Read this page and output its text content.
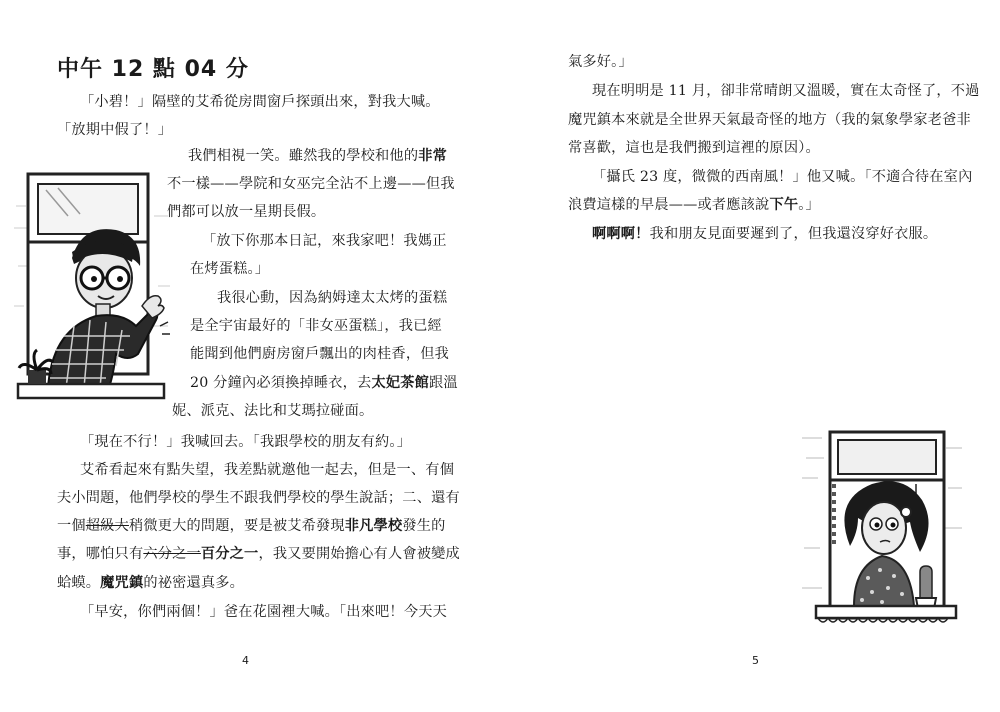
中午 12 點 04 分
「小碧！」隔壁的艾希從房間窗戶探頭出來，對我大喊。
「放期中假了！」
我們相視一笑。雖然我的學校和他的非常
不一樣——學院和女巫完全沾不上邊——但我
們都可以放一星期長假。
「放下你那本日記，來我家吧！我媽正
在烤蛋糕。」
我很心動，因為納姆達太太烤的蛋糕
是全宇宙最好的「非女巫蛋糕」，我已經
能聞到他們廚房窗戶飄出的肉桂香，但我
20 分鐘內必須換掉睡衣，去太妃茶館跟溫
妮、派克、法比和艾瑪拉碰面。
「現在不行！」我喊回去。「我跟學校的朋友有約。」
艾希看起來有點失望，我差點就邀他一起去，但是一、有個
夫小問題，他們學校的學生不跟我們學校的學生說話；二、還有
一個超級大稍微更大的問題，要是被艾希發現非凡學校發生的
事，哪怕只有六分之一百分之一，我又要開始擔心有人會被變成
蛤蟆。魔咒鎮的祕密還真多。
「早安，你們兩個！」爸在花園裡大喊。「出來吧！今天天
4
氣多好。」
現在明明是 11 月，卻非常晴朗又溫暖，實在太奇怪了，不過
魔咒鎮本來就是全世界天氣最奇怪的地方（我的氣象學家老爸非
常喜歡，這也是我們搬到這裡的原因）。
「攝氏 23 度，微微的西南風！」他又喊。「不適合待在室內
浪費這樣的早晨——或者應該說下午。」
啊啊啊！我和朋友見面要遲到了，但我還沒穿好衣服。
5
